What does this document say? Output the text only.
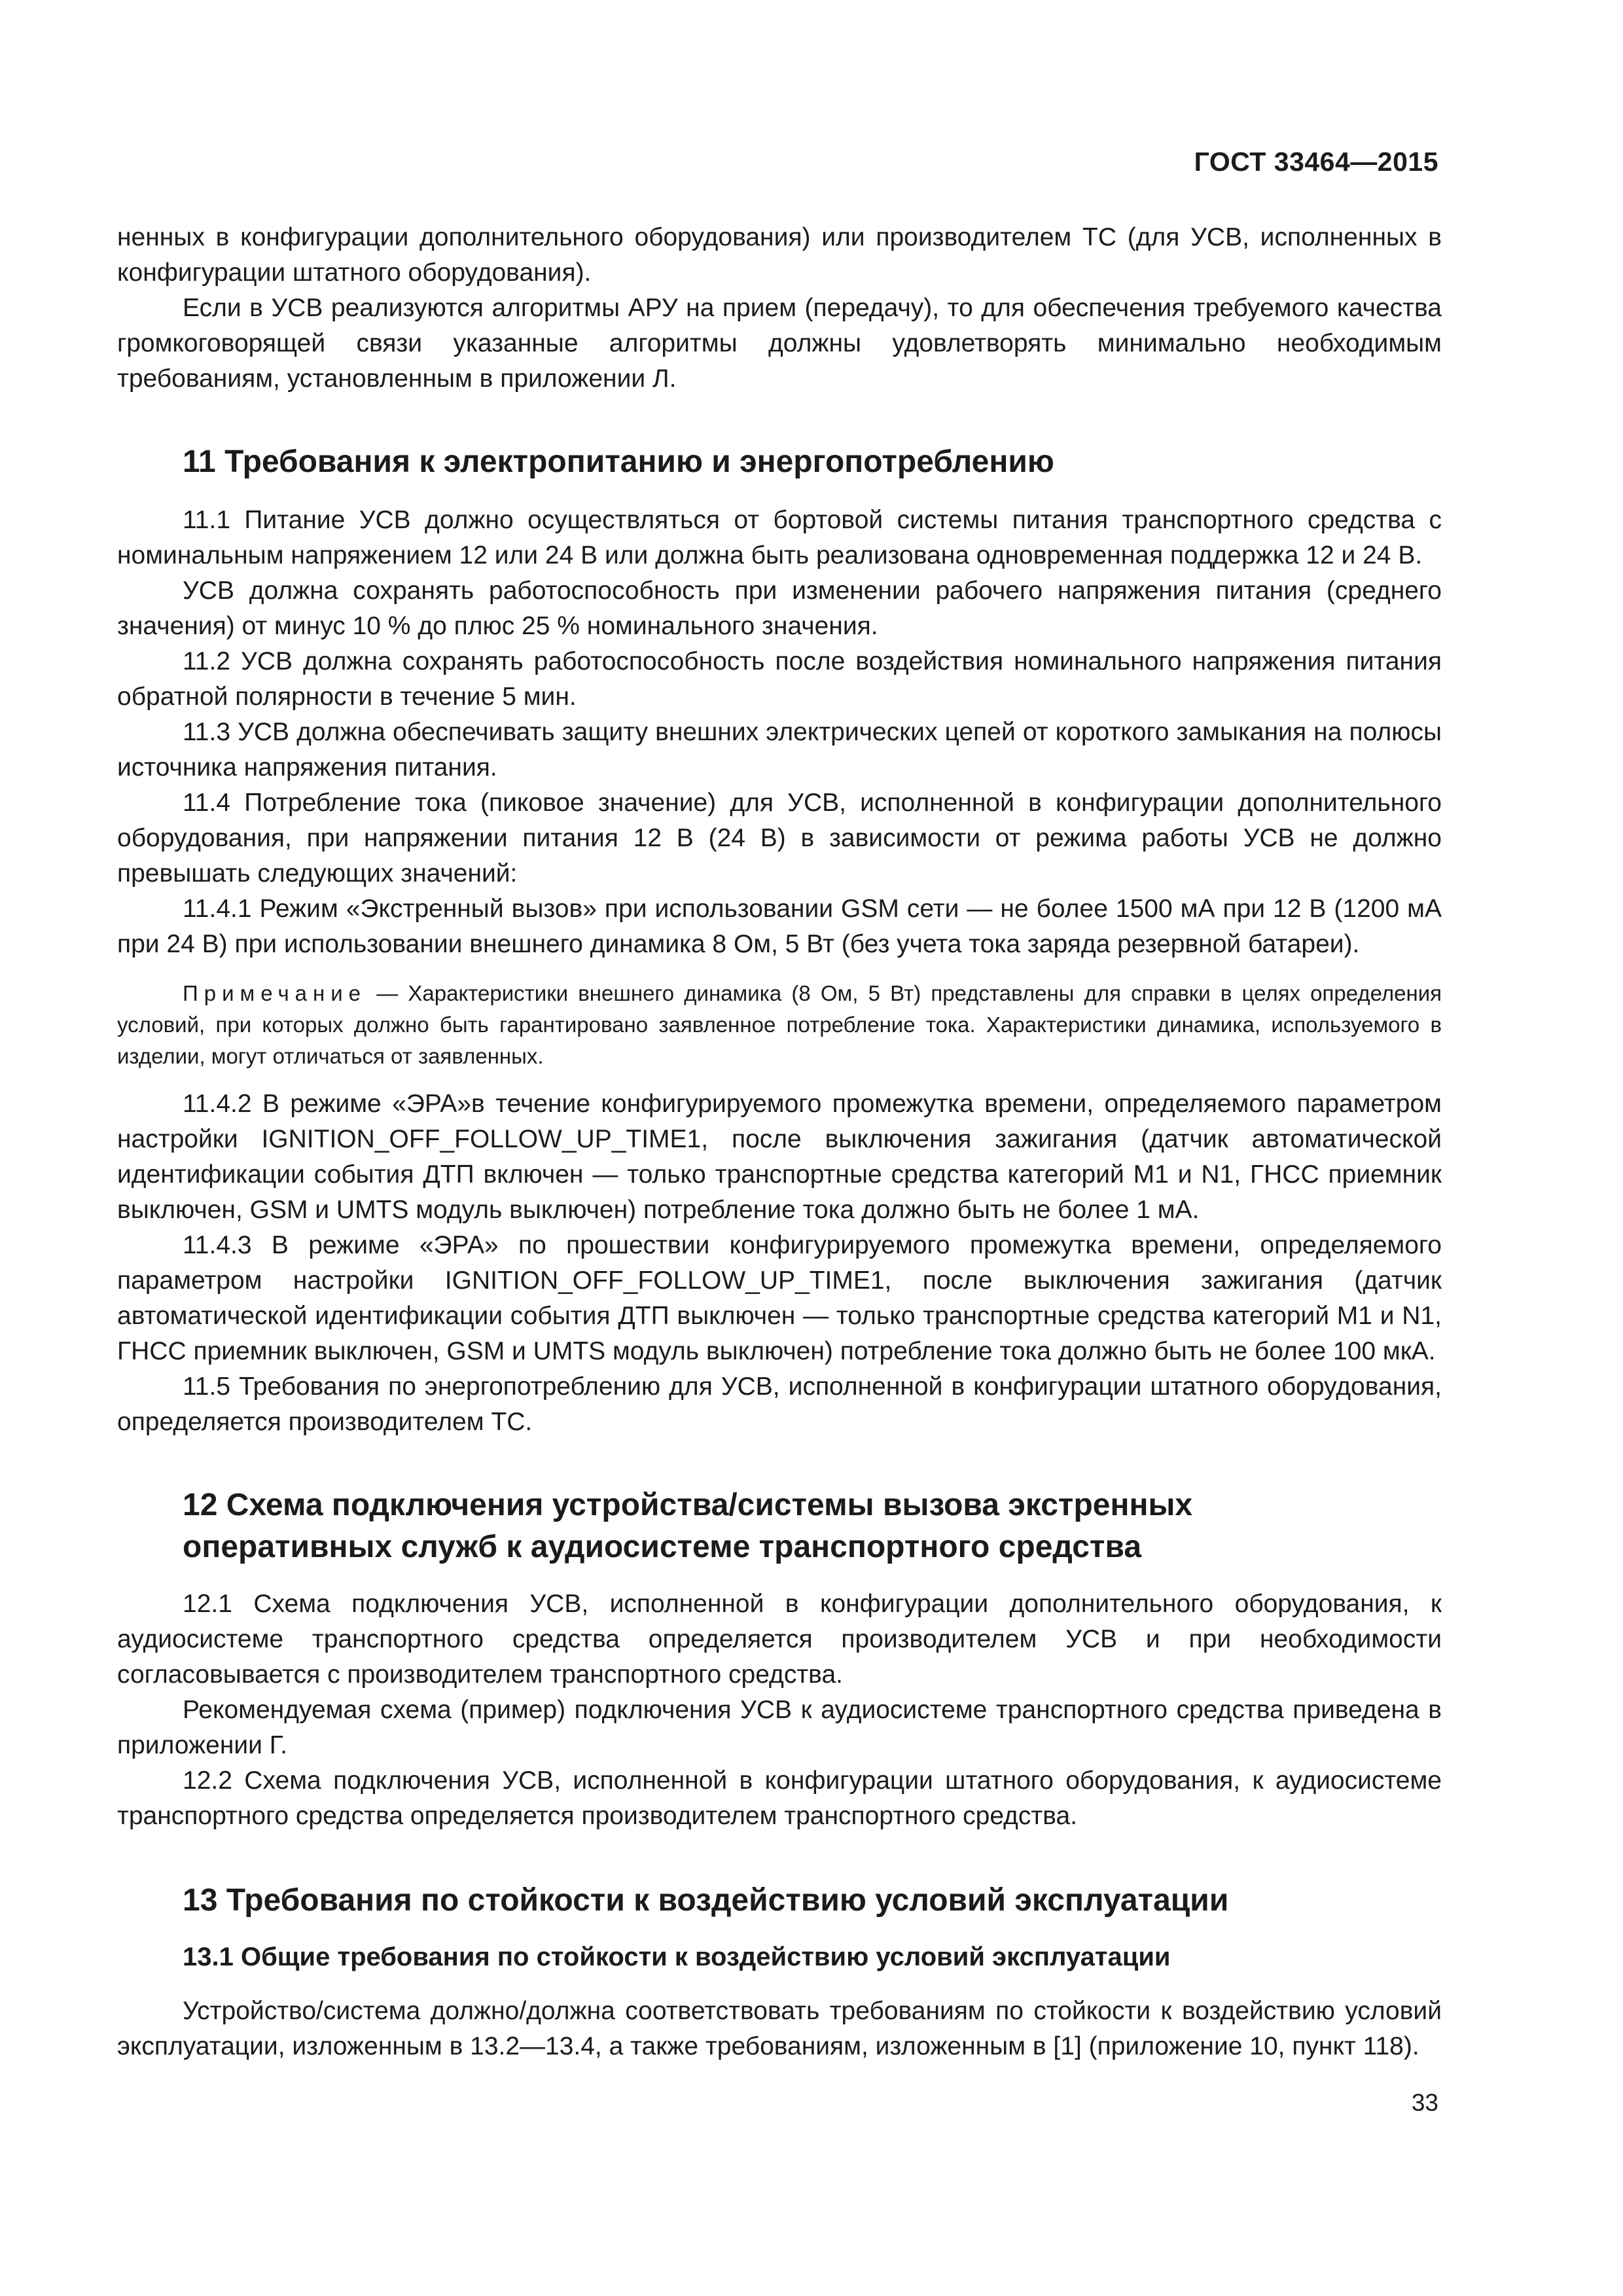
ГОСТ 33464—2015

ненных в конфигурации дополнительного оборудования) или производителем ТС (для УСВ, исполненных в конфигурации штатного оборудования).

Если в УСВ реализуются алгоритмы АРУ на прием (передачу), то для обеспечения требуемого качества громкоговорящей связи указанные алгоритмы должны удовлетворять минимально необходимым требованиям, установленным в приложении Л.

11 Требования к электропитанию и энергопотреблению

11.1 Питание УСВ должно осуществляться от бортовой системы питания транспортного средства с номинальным напряжением 12 или 24 В или должна быть реализована одновременная поддержка 12 и 24 В.

УСВ должна сохранять работоспособность при изменении рабочего напряжения питания (среднего значения) от минус 10 % до плюс 25 % номинального значения.

11.2 УСВ должна сохранять работоспособность после воздействия номинального напряжения питания обратной полярности в течение 5 мин.

11.3 УСВ должна обеспечивать защиту внешних электрических цепей от короткого замыкания на полюсы источника напряжения питания.

11.4 Потребление тока (пиковое значение) для УСВ, исполненной в конфигурации дополнительного оборудования, при напряжении питания 12 В (24 В) в зависимости от режима работы УСВ не должно превышать следующих значений:

11.4.1 Режим «Экстренный вызов» при использовании GSM сети — не более 1500 мА при 12 В (1200 мА при 24 В) при использовании внешнего динамика 8 Ом, 5 Вт (без учета тока заряда резервной батареи).

Примечание — Характеристики внешнего динамика (8 Ом, 5 Вт) представлены для справки в целях определения условий, при которых должно быть гарантировано заявленное потребление тока. Характеристики динамика, используемого в изделии, могут отличаться от заявленных.

11.4.2 В режиме «ЭРА»в течение конфигурируемого промежутка времени, определяемого параметром настройки IGNITION_OFF_FOLLOW_UP_TIME1, после выключения зажигания (датчик автоматической идентификации события ДТП включен — только транспортные средства категорий М1 и N1, ГНСС приемник выключен, GSM и UMTS модуль выключен) потребление тока должно быть не более 1 мА.

11.4.3 В режиме «ЭРА» по прошествии конфигурируемого промежутка времени, определяемого параметром настройки IGNITION_OFF_FOLLOW_UP_TIME1, после выключения зажигания (датчик автоматической идентификации события ДТП выключен — только транспортные средства категорий М1 и N1, ГНСС приемник выключен, GSM и UMTS модуль выключен) потребление тока должно быть не более 100 мкА.

11.5 Требования по энергопотреблению для УСВ, исполненной в конфигурации штатного оборудования, определяется производителем ТС.

12 Схема подключения устройства/системы вызова экстренных
оперативных служб к аудиосистеме транспортного средства

12.1 Схема подключения УСВ, исполненной в конфигурации дополнительного оборудования, к аудиосистеме транспортного средства определяется производителем УСВ и при необходимости согласовывается с производителем транспортного средства.

Рекомендуемая схема (пример) подключения УСВ к аудиосистеме транспортного средства приведена в приложении Г.

12.2 Схема подключения УСВ, исполненной в конфигурации штатного оборудования, к аудиосистеме транспортного средства определяется производителем транспортного средства.

13 Требования по стойкости к воздействию условий эксплуатации
13.1 Общие требования по стойкости к воздействию условий эксплуатации

Устройство/система должно/должна соответствовать требованиям по стойкости к воздействию условий эксплуатации, изложенным в 13.2—13.4, а также требованиям, изложенным в [1] (приложение 10, пункт 118).

33
